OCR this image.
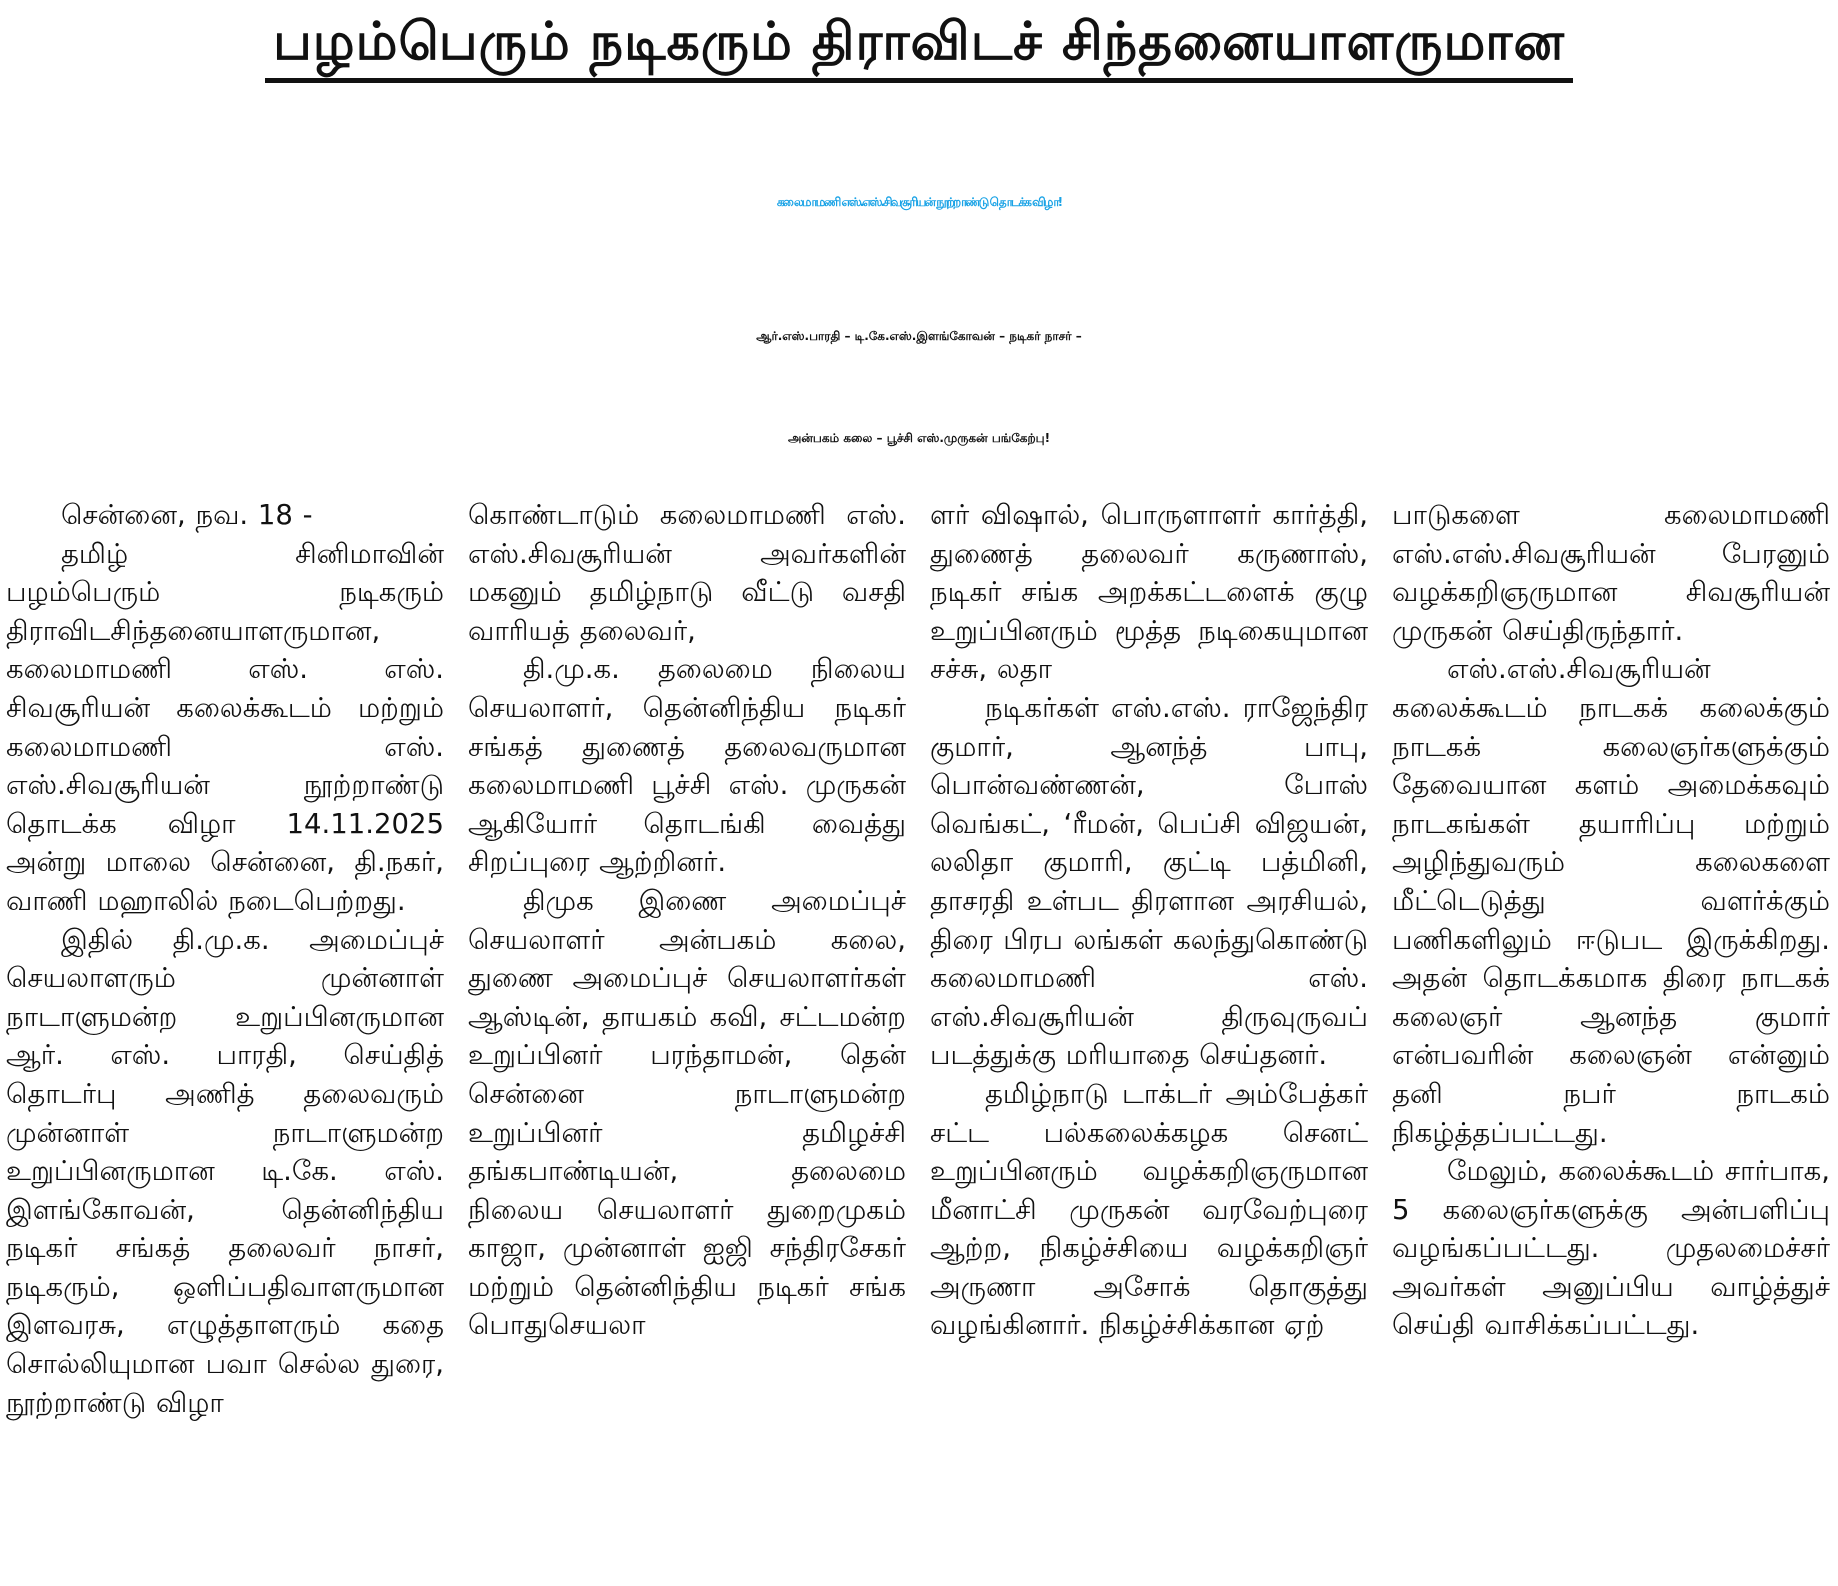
பழம்பெரும் நடிகரும் திராவிடச் சிந்தனையாளருமான
கலைமாமணி எஸ்.எஸ்.சிவசூரியன் நூற்றாண்டு தொடக்க விழா!
ஆர்.எஸ்.பாரதி – டி.கே.எஸ்.இளங்கோவன் – நடிகர் நாசர் –
அன்பகம் கலை – பூச்சி எஸ்.முருகன் பங்கேற்பு!

சென்னை, நவ. 18 -

தமிழ் சினிமாவின் பழம்பெரும் நடிகரும் திராவிடசிந்தனையாளருமான, கலைமாமணி எஸ். எஸ். சிவசூரியன் கலைக்கூடம் மற்றும் கலைமாமணி எஸ். எஸ்.சிவசூரியன் நூற்றாண்டு தொடக்க விழா 14.11.2025 அன்று மாலை சென்னை, தி.நகர், வாணி மஹாலில் நடைபெற்றது.

இதில் தி.மு.க. அமைப்புச் செயலாளரும் முன்னாள் நாடாளுமன்ற உறுப்பினருமான ஆர். எஸ். பாரதி, செய்தித் தொடர்பு அணித் தலைவரும் முன்னாள் நாடாளுமன்ற உறுப்பினருமான டி.கே. எஸ். இளங்கோவன், தென்னிந்திய நடிகர் சங்கத் தலைவர் நாசர், நடிகரும், ஒளிப்பதிவாளருமான இளவரசு, எழுத்தாளரும் கதை சொல்லியுமான பவா செல்ல துரை, நூற்றாண்டு விழா

கொண்டாடும் கலைமாமணி எஸ். எஸ்.சிவசூரியன் அவர்களின் மகனும் தமிழ்நாடு வீட்டு வசதி வாரியத் தலைவர்,

தி.மு.க. தலைமை நிலைய செயலாளர், தென்னிந்திய நடிகர் சங்கத் துணைத் தலைவருமான கலைமாமணி பூச்சி எஸ். முருகன் ஆகியோர் தொடங்கி வைத்து சிறப்புரை ஆற்றினர்.

திமுக இணை அமைப்புச் செயலாளர் அன்பகம் கலை, துணை அமைப்புச் செயலாளர்கள் ஆஸ்டின், தாயகம் கவி, சட்டமன்ற உறுப்பினர் பரந்தாமன், தென் சென்னை நாடாளுமன்ற உறுப்பினர் தமிழச்சி தங்கபாண்டியன், தலைமை நிலைய செயலாளர் துறைமுகம் காஜா, முன்னாள் ஐஜி சந்திரசேகர் மற்றும் தென்னிந்திய நடிகர் சங்க பொதுசெயலா

ளர் விஷால், பொருளாளர் கார்த்தி, துணைத் தலைவர் கருணாஸ், நடிகர் சங்க அறக்கட்டளைக் குழு உறுப்பினரும் மூத்த நடிகையுமான சச்சு, லதா

நடிகர்கள் எஸ்.எஸ். ராஜேந்திர குமார், ஆனந்த் பாபு, பொன்வண்ணன், போஸ் வெங்கட், ‘ரீமன், பெப்சி விஜயன், லலிதா குமாரி, குட்டி பத்மினி, தாசரதி உள்பட திரளான அரசியல், திரை பிரப லங்கள் கலந்துகொண்டு கலைமாமணி எஸ். எஸ்.சிவசூரியன் திருவுருவப் படத்துக்கு மரியாதை செய்தனர்.

தமிழ்நாடு டாக்டர் அம்பேத்கர் சட்ட பல்கலைக்கழக செனட் உறுப்பினரும் வழக்கறிஞருமான மீனாட்சி முருகன் வரவேற்புரை ஆற்ற, நிகழ்ச்சியை வழக்கறிஞர் அருணா அசோக் தொகுத்து வழங்கினார். நிகழ்ச்சிக்கான ஏற்

பாடுகளை கலைமாமணி எஸ்.எஸ்.சிவசூரியன் பேரனும் வழக்கறிஞருமான சிவசூரியன் முருகன் செய்திருந்தார்.

எஸ்.எஸ்.சிவசூரியன் கலைக்கூடம் நாடகக் கலைக்கும் நாடகக் கலைஞர்களுக்கும் தேவையான களம் அமைக்கவும் நாடகங்கள் தயாரிப்பு மற்றும் அழிந்துவரும் கலைகளை மீட்டெடுத்து வளர்க்கும் பணிகளிலும் ஈடுபட இருக்கிறது. அதன் தொடக்கமாக திரை நாடகக் கலைஞர் ஆனந்த குமார் என்பவரின் கலைஞன் என்னும் தனி நபர் நாடகம் நிகழ்த்தப்பட்டது.

மேலும், கலைக்கூடம் சார்பாக, 5 கலைஞர்களுக்கு அன்பளிப்பு வழங்கப்பட்டது. முதலமைச்சர் அவர்கள் அனுப்பிய வாழ்த்துச் செய்தி வாசிக்கப்பட்டது.
